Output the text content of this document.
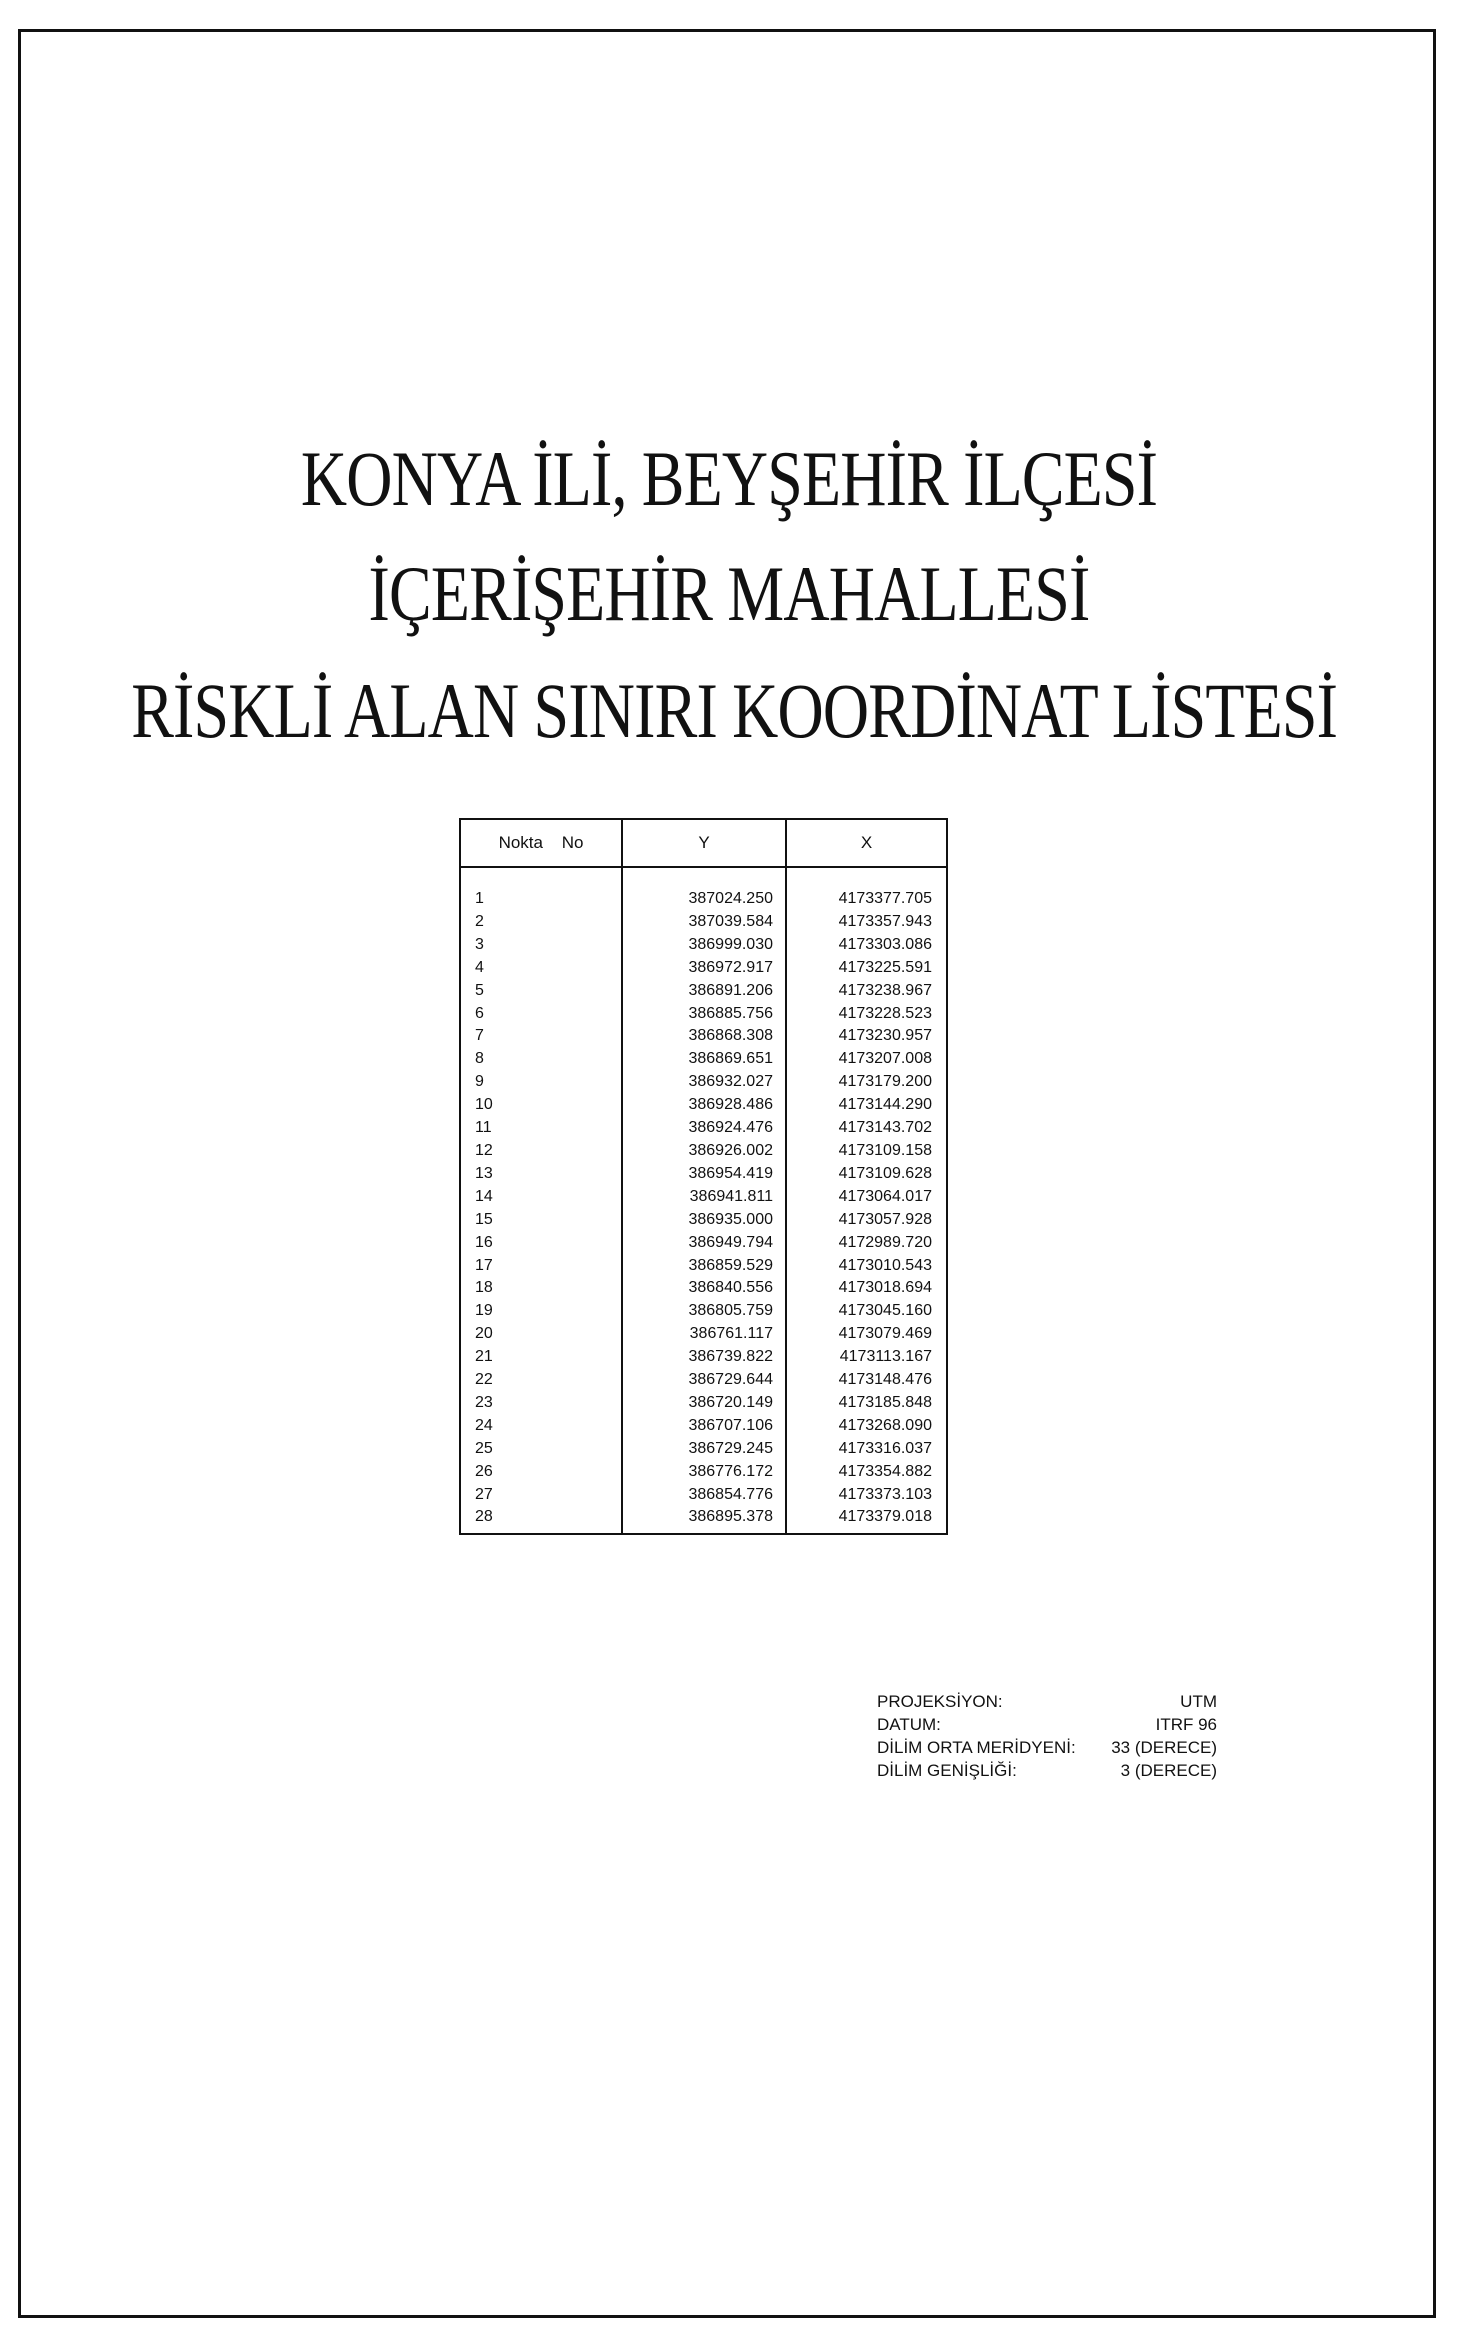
KONYA İLİ, BEYŞEHİR İLÇESİ
İÇERİŞEHİR MAHALLESİ
RİSKLİ ALAN SINIRI KOORDİNAT LİSTESİ
Nokta No	Y	X

1	387024.250	4173377.705
2	387039.584	4173357.943
3	386999.030	4173303.086
4	386972.917	4173225.591
5	386891.206	4173238.967
6	386885.756	4173228.523
7	386868.308	4173230.957
8	386869.651	4173207.008
9	386932.027	4173179.200
10	386928.486	4173144.290
11	386924.476	4173143.702
12	386926.002	4173109.158
13	386954.419	4173109.628
14	386941.811	4173064.017
15	386935.000	4173057.928
16	386949.794	4172989.720
17	386859.529	4173010.543
18	386840.556	4173018.694
19	386805.759	4173045.160
20	386761.117	4173079.469
21	386739.822	4173113.167
22	386729.644	4173148.476
23	386720.149	4173185.848
24	386707.106	4173268.090
25	386729.245	4173316.037
26	386776.172	4173354.882
27	386854.776	4173373.103
28	386895.378	4173379.018
PROJEKSİYON:	UTM
DATUM:	ITRF 96
DİLİM ORTA MERİDYENİ: 33 (DERECE)
DİLİM GENİŞLİĞİ:	3 (DERECE)
